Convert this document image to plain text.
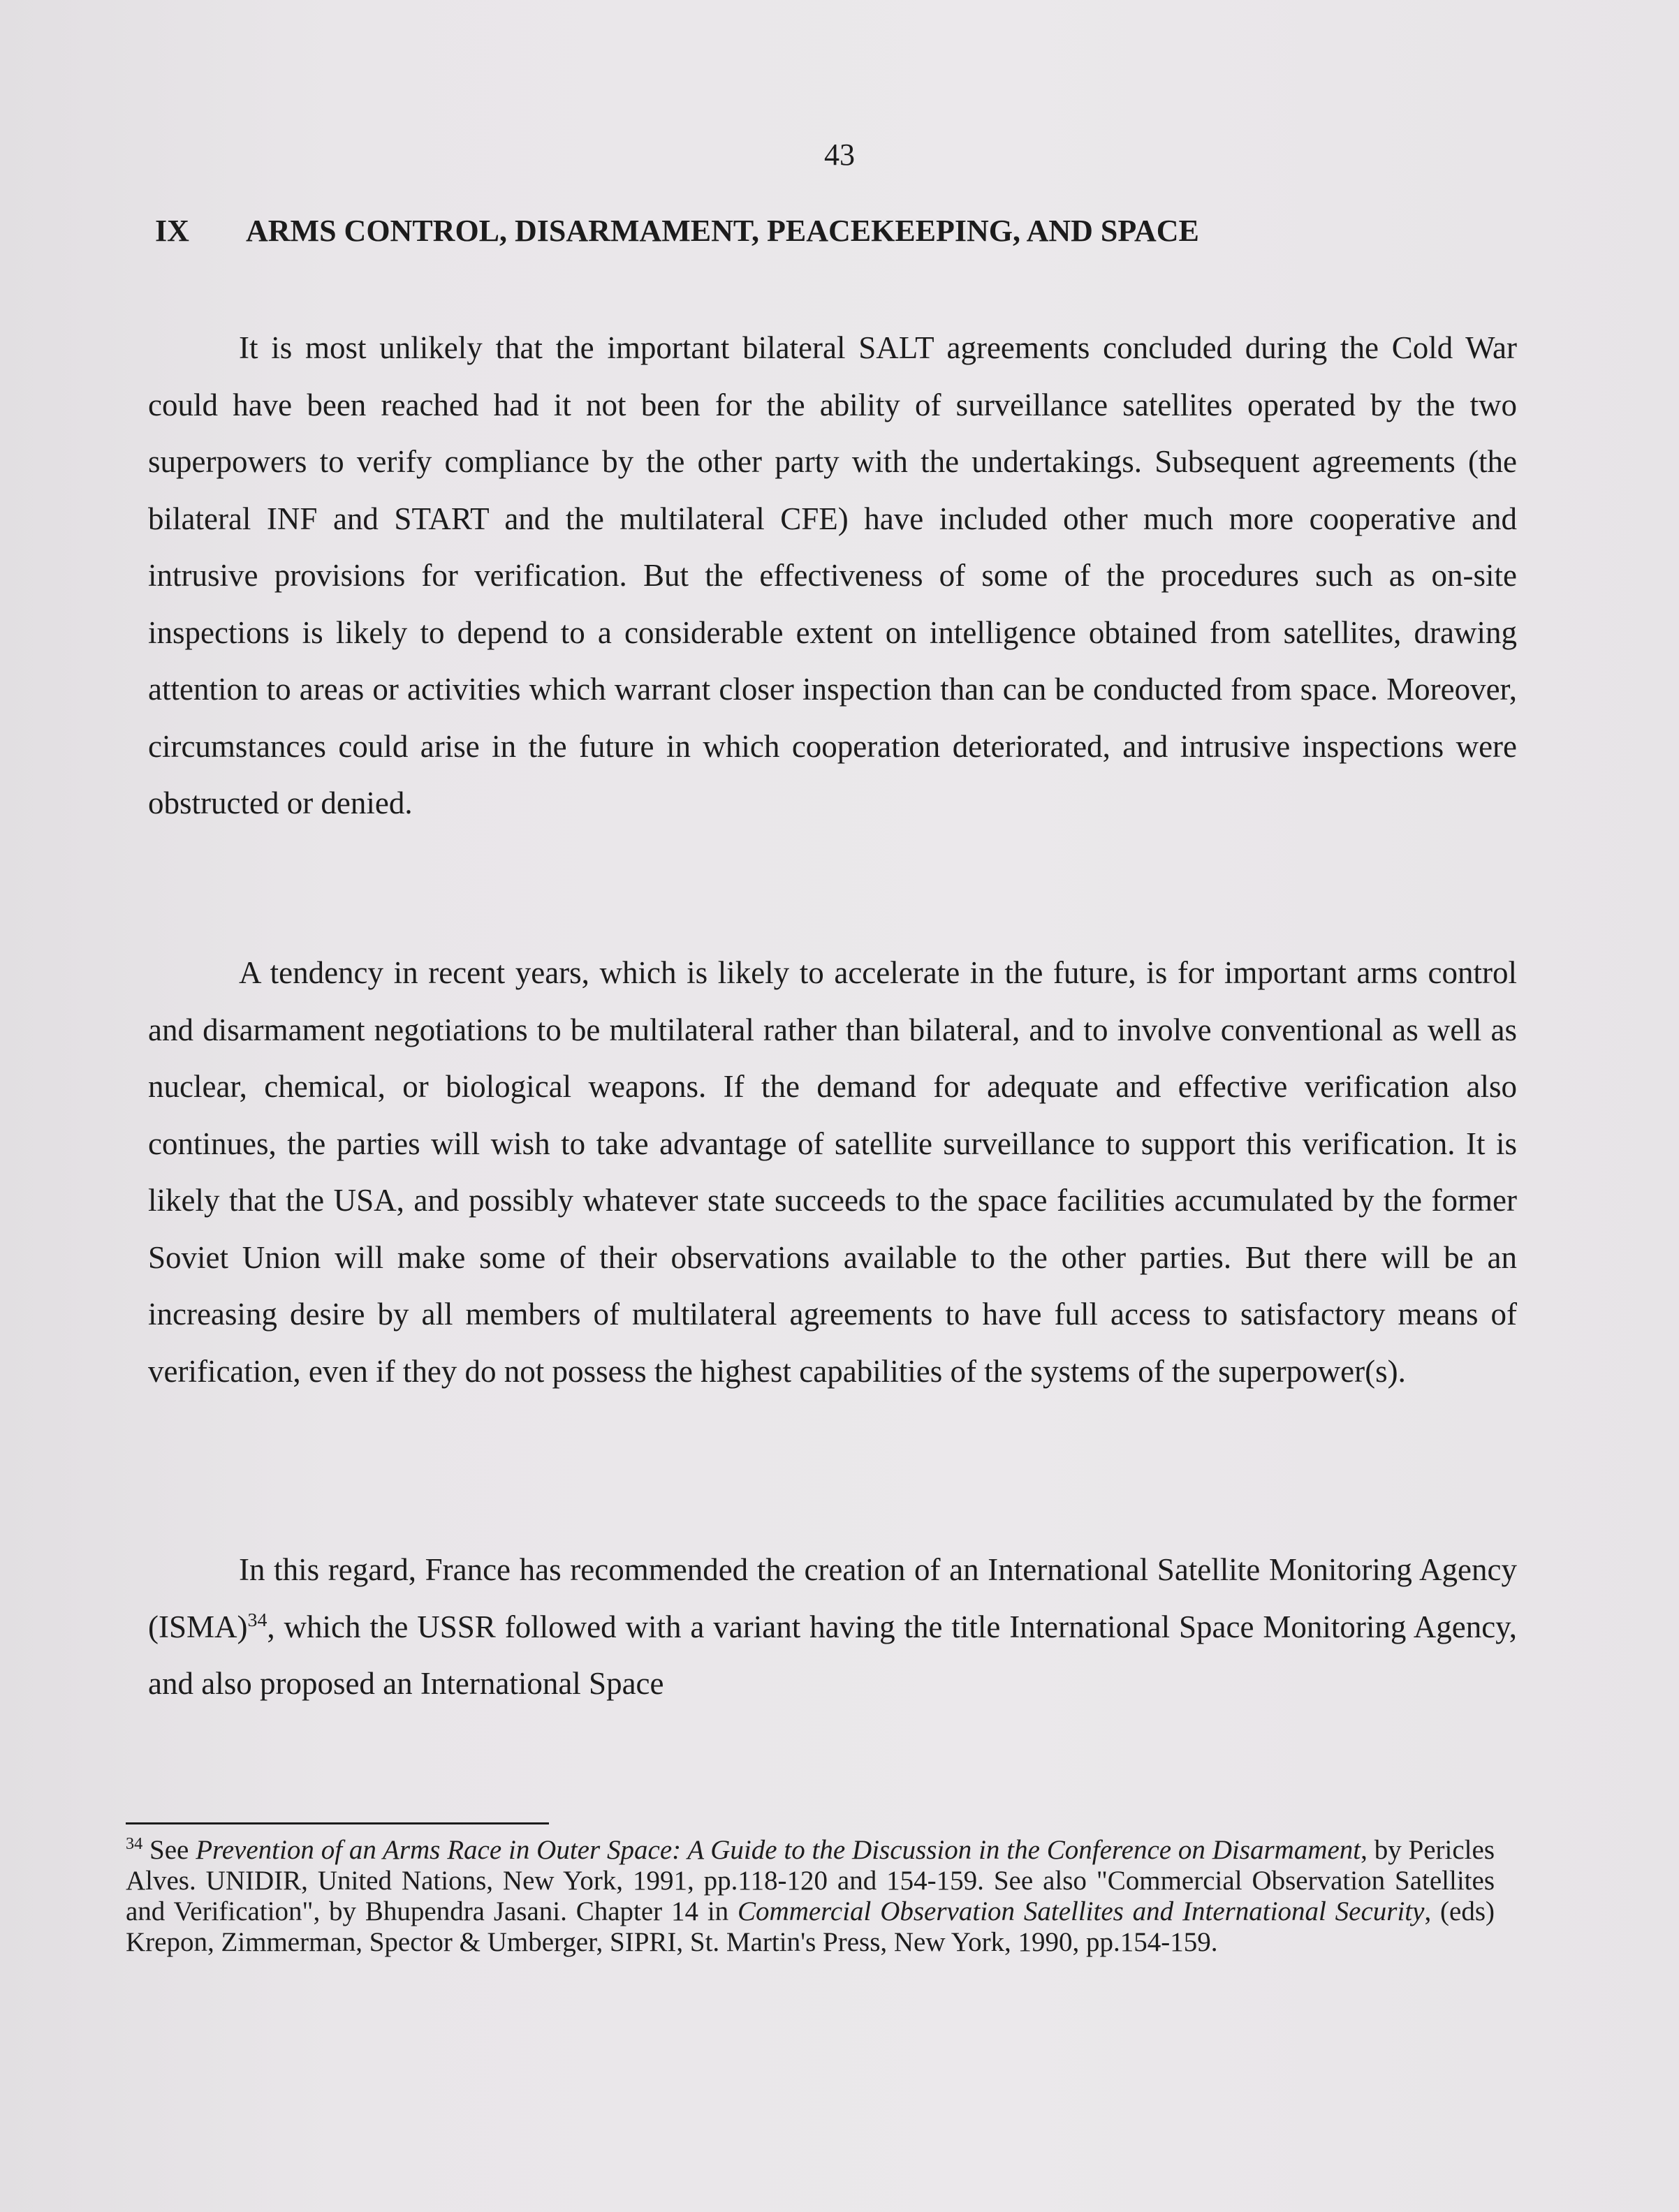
43
IX ARMS CONTROL, DISARMAMENT, PEACEKEEPING, AND SPACE

It is most unlikely that the important bilateral SALT agreements concluded during the Cold War could have been reached had it not been for the ability of surveillance satellites operated by the two superpowers to verify compliance by the other party with the undertakings. Subsequent agreements (the bilateral INF and START and the multilateral CFE) have included other much more cooperative and intrusive provisions for verification. But the effectiveness of some of the procedures such as on-site inspections is likely to depend to a considerable extent on intelligence obtained from satellites, drawing attention to areas or activities which warrant closer inspection than can be conducted from space. Moreover, circumstances could arise in the future in which cooperation deteriorated, and intrusive inspections were obstructed or denied.

A tendency in recent years, which is likely to accelerate in the future, is for important arms control and disarmament negotiations to be multilateral rather than bilateral, and to involve conventional as well as nuclear, chemical, or biological weapons. If the demand for adequate and effective verification also continues, the parties will wish to take advantage of satellite surveillance to support this verification. It is likely that the USA, and possibly whatever state succeeds to the space facilities accumulated by the former Soviet Union will make some of their observations available to the other parties. But there will be an increasing desire by all members of multilateral agreements to have full access to satisfactory means of verification, even if they do not possess the highest capabilities of the systems of the superpower(s).

In this regard, France has recommended the creation of an International Satellite Monitoring Agency (ISMA)$^{34}$, which the USSR followed with a variant having the title International Space Monitoring Agency, and also proposed an International Space

$^{34}$ See Prevention of an Arms Race in Outer Space: A Guide to the Discussion in the Conference on Disarmament, by Pericles Alves. UNIDIR, United Nations, New York, 1991, pp.118-120 and 154-159. See also "Commercial Observation Satellites and Verification", by Bhupendra Jasani. Chapter 14 in Commercial Observation Satellites and International Security, (eds) Krepon, Zimmerman, Spector & Umberger, SIPRI, St. Martin's Press, New York, 1990, pp.154-159.
